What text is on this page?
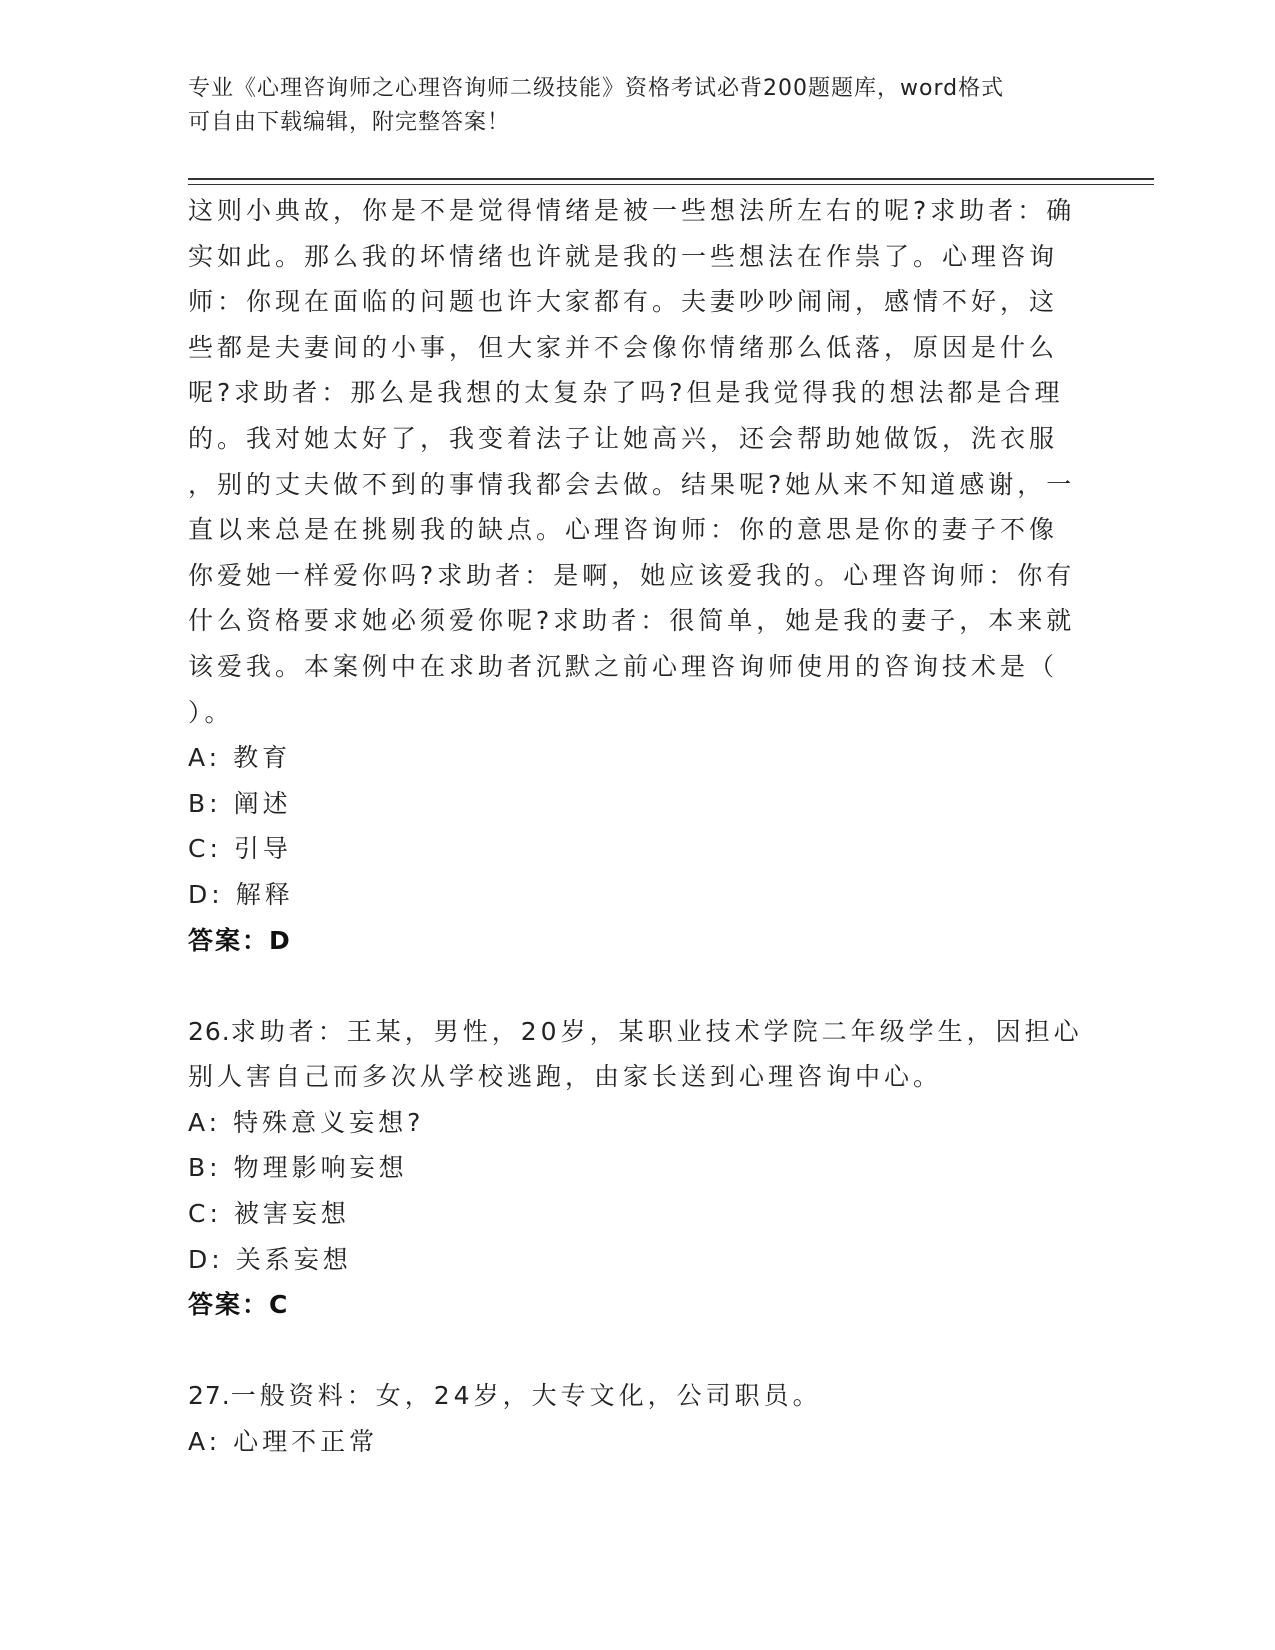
专业《心理咨询师之心理咨询师二级技能》资格考试必背200题题库，word格式
可自由下载编辑，附完整答案！

这则小典故，你是不是觉得情绪是被一些想法所左右的呢?求助者：确

实如此。那么我的坏情绪也许就是我的一些想法在作祟了。心理咨询

师：你现在面临的问题也许大家都有。夫妻吵吵闹闹，感情不好，这

些都是夫妻间的小事，但大家并不会像你情绪那么低落，原因是什么

呢?求助者：那么是我想的太复杂了吗?但是我觉得我的想法都是合理

的。我对她太好了，我变着法子让她高兴，还会帮助她做饭，洗衣服

，别的丈夫做不到的事情我都会去做。结果呢?她从来不知道感谢，一

直以来总是在挑剔我的缺点。心理咨询师：你的意思是你的妻子不像

你爱她一样爱你吗?求助者：是啊，她应该爱我的。心理咨询师：你有

什么资格要求她必须爱你呢?求助者：很简单，她是我的妻子，本来就

该爱我。本案例中在求助者沉默之前心理咨询师使用的咨询技术是（

）。

A: 教育

B: 阐述

C: 引导

D: 解释

答案：D

26.求助者：王某，男性，20岁，某职业技术学院二年级学生，因担心

别人害自己而多次从学校逃跑，由家长送到心理咨询中心。

A: 特殊意义妄想?

B: 物理影响妄想

C: 被害妄想

D: 关系妄想

答案：C

27.一般资料：女，24岁，大专文化，公司职员。

A: 心理不正常
